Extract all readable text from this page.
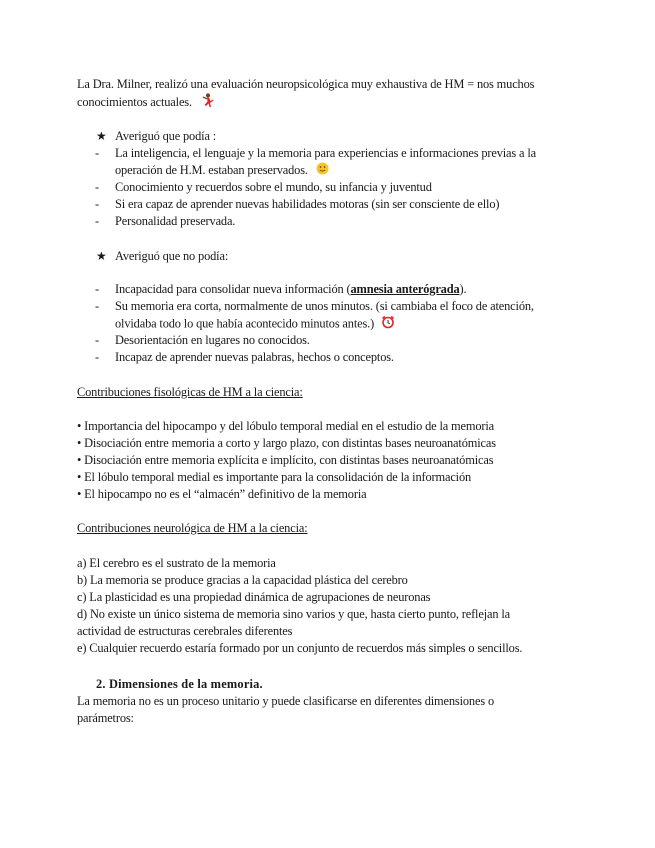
La Dra. Milner, realizó una evaluación neuropsicológica muy exhaustiva de HM = nos muchos
conocimientos actuales.
★ Averiguó que podía :
- La inteligencia, el lenguaje y la memoria para experiencias e informaciones previas a la
operación de H.M. estaban preservados.
- Conocimiento y recuerdos sobre el mundo, su infancia y juventud
- Si era capaz de aprender nuevas habilidades motoras (sin ser consciente de ello)
- Personalidad preservada.
★ Averiguó que no podía:
- Incapacidad para consolidar nueva información (amnesia anterógrada).
- Su memoria era corta, normalmente de unos minutos. (si cambiaba el foco de atención,
olvidaba todo lo que había acontecido minutos antes.)
- Desorientación en lugares no conocidos.
- Incapaz de aprender nuevas palabras, hechos o conceptos.
Contribuciones fisológicas de HM a la ciencia:
• Importancia del hipocampo y del lóbulo temporal medial en el estudio de la memoria
• Disociación entre memoria a corto y largo plazo, con distintas bases neuroanatómicas
• Disociación entre memoria explícita e implícito, con distintas bases neuroanatómicas
• El lóbulo temporal medial es importante para la consolidación de la información
• El hipocampo no es el “almacén” definitivo de la memoria
Contribuciones neurológica de HM a la ciencia:
a) El cerebro es el sustrato de la memoria
b) La memoria se produce gracias a la capacidad plástica del cerebro
c) La plasticidad es una propiedad dinámica de agrupaciones de neuronas
d) No existe un único sistema de memoria sino varios y que, hasta cierto punto, reflejan la
actividad de estructuras cerebrales diferentes
e) Cualquier recuerdo estaría formado por un conjunto de recuerdos más simples o sencillos.
2. Dimensiones de la memoria.
La memoria no es un proceso unitario y puede clasificarse en diferentes dimensiones o
parámetros:
